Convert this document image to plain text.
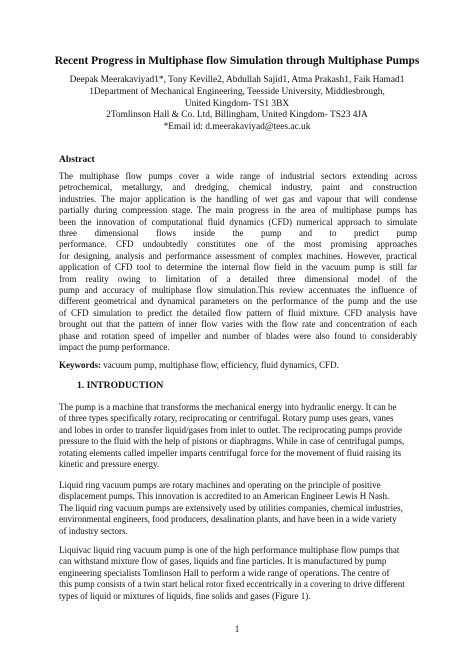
Recent Progress in Multiphase flow Simulation through Multiphase Pumps
Deepak Meerakaviyad1*, Tony Keville2, Abdullah Sajid1, Atma Prakash1, Faik Hamad1
1Department of Mechanical Engineering, Teesside University, Middlesbrough,
United Kingdom- TS1 3BX
2Tomlinson Hall & Co. Ltd, Billingham, United Kingdom- TS23 4JA
*Email id: d.meerakaviyad@tees.ac.uk
Abstract
The multiphase flow pumps cover a wide range of industrial sectors extending across
petrochemical, metallurgy, and dredging, chemical industry, paint and construction
industries. The major application is the handling of wet gas and vapour that will condense
partially during compression stage. The main progress in the area of multiphase pumps has
been the innovation of computational fluid dynamics (CFD) numerical approach to simulate
three dimensional flows inside the pump and to predict pump
performance. CFD undoubtedly constitutes one of the most promising approaches
for designing, analysis and performance assessment of complex machines. However, practical
application of CFD tool to determine the internal flow field in the vacuum pump is still far
from reality owing to limitation of a detailed three dimensional model of the
pump and accuracy of multiphase flow simulation.This review accentuates the influence of
different geometrical and dynamical parameters on the performance of the pump and the use
of CFD simulation to predict the detailed flow pattern of fluid mixture. CFD analysis have
brought out that the pattern of inner flow varies with the flow rate and concentration of each
phase and rotation speed of impeller and number of blades were also found to considerably
impact the pump performance.
Keywords: vacuum pump, multiphase flow, efficiency, fluid dynamics, CFD.
1. INTRODUCTION
The pump is a machine that transforms the mechanical energy into hydraulic energy. It can be
of three types specifically rotary, reciprocating or centrifugal. Rotary pump uses gears, vanes
and lobes in order to transfer liquid/gases from inlet to outlet. The reciprocating pumps provide
pressure to the fluid with the help of pistons or diaphragms. While in case of centrifugal pumps,
rotating elements called impeller imparts centrifugal force for the movement of fluid raising its
kinetic and pressure energy.
Liquid ring vacuum pumps are rotary machines and operating on the principle of positive
displacement pumps. This innovation is accredited to an American Engineer Lewis H Nash.
The liquid ring vacuum pumps are extensively used by utilities companies, chemical industries,
environmental engineers, food producers, desalination plants, and have been in a wide variety
of industry sectors.
Liquivac liquid ring vacuum pump is one of the high performance multiphase flow pumps that
can withstand mixture flow of gases, liquids and fine particles. It is manufactured by pump
engineering specialists Tomlinson Hall to perform a wide range of operations. The centre of
this pump consists of a twin start helical rotor fixed eccentrically in a covering to drive different
types of liquid or mixtures of liquids, fine solids and gases (Figure 1).
1
